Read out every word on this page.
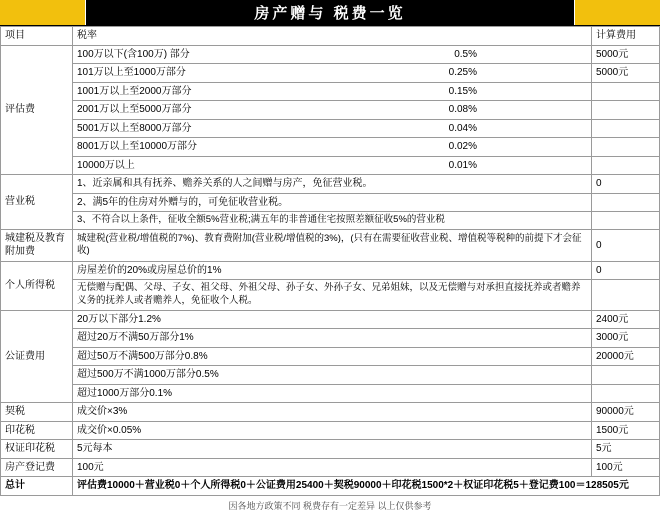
房产赠与 税费一览
项目	税率	计算费用
评估费	100万以下(含100万) 部分 0.5%	5000元

	101万以上至1000万部分 0.25%	5000元

	1001万以上至2000万部分 0.15%	

	2001万以上至5000万部分 0.08%	

	5001万以上至8000万部分 0.04%	

	8001万以上至10000万部分 0.02%	

	10000万以上 0.01%	

营业税	1、近亲属和具有抚养、赡养关系的人之间赠与房产，免征营业税。	0
	2、满5年的住房对外赠与的，可免征收营业税。	
	3、不符合以上条件，征收全额5%营业税;满五年的非普通住宅按照差额征收5%的营业税	
城建税及教育附加费	城建税(营业税/增值税的7%)、教育费附加(营业税/增值税的3%)，(只有在需要征收营业税、增值税等税种的前提下才会征收)	0
个人所得税	房屋差价的20%或房屋总价的1%	0
	无偿赠与配偶、父母、子女、祖父母、外祖父母、孙子女、外孙子女、兄弟姐妹，以及无偿赠与对承担直接抚养或者赡养义务的抚养人或者赡养人，免征收个人税。	
公证费用	20万以下部分1.2%	2400元
	超过20万不满50万部分1%	3000元
	超过50万不满500万部分0.8%	20000元
	超过500万不满1000万部分0.5%	
	超过1000万部分0.1%	
契税	成交价×3%	90000元
印花税	成交价×0.05%	1500元
权证印花税	5元每本	5元
房产登记费	100元	100元
总计	评估费10000＋营业税0＋个人所得税0＋公证费用25400＋契税90000＋印花税1500*2＋权证印花税5＋登记费100＝128505元	
因各地方政策不同 税费存有一定差异 以上仅供参考
